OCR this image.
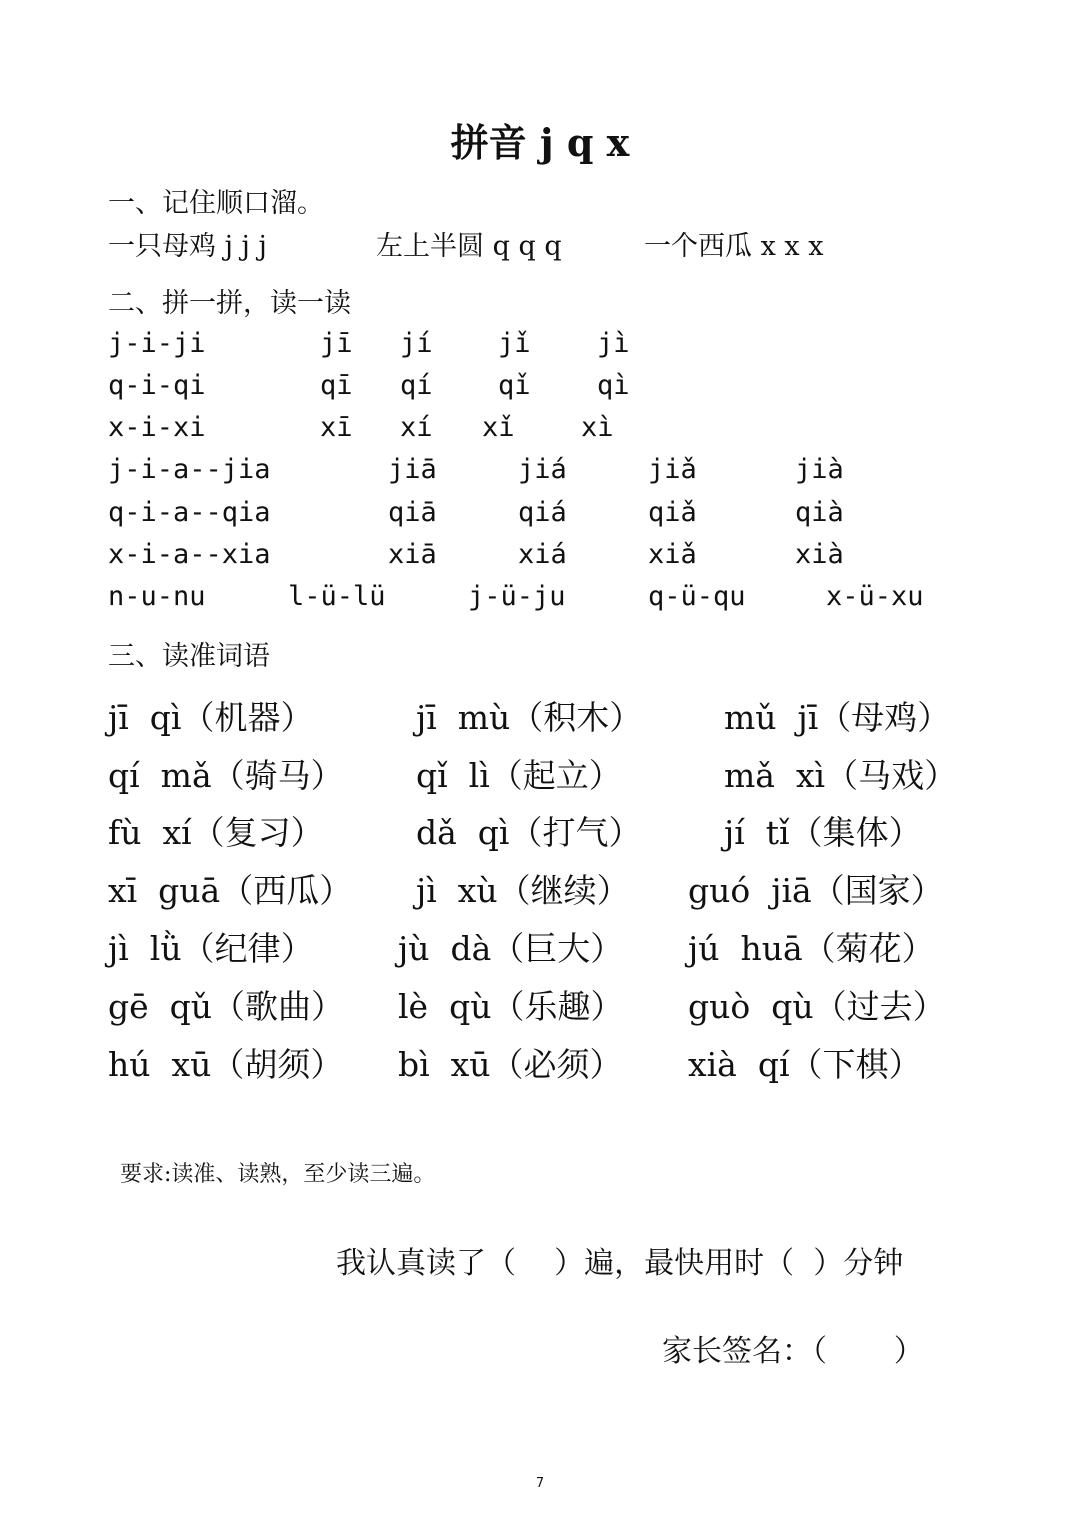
拼音 j q x
一、记住顺口溜。
一只母鸡 j j j	左上半圆 q q q	一个西瓜 x x x
二、拼一拼，读一读
j-i-ji	jī jí jǐ jì
q-i-qi	qī qí qǐ qì
x-i-xi	xī xí xǐ xì
j-i-a--jia	jiā	jiá	jiǎ	jià
q-i-a--qia	qiā	qiá	qiǎ	qià
x-i-a--xia	xiā	xiá	xiǎ	xià
n-u-nu	l-ü-lü	j-ü-ju	q-ü-qu	x-ü-xu
三、读准词语
jī  qì（机器）	jī  mù（积木） mǔ  jī（母鸡）
qí  mǎ（骑马） qǐ  lì（起立）	mǎ  xì（马戏）
fù  xí（复习）	dǎ  qì（打气）	jí  tǐ（集体）
xī  guā（西瓜） jì  xù（继续） guó  jiā（国家）
jì  lǜ（纪律）	jù  dà（巨大） jú  huā（菊花）
gē  qǔ（歌曲） lè  qù（乐趣） guò  qù（过去）
hú  xū（胡须） bì  xū（必须） xià  qí（下棋）
要求:读准、读熟，至少读三遍。
我认真读了（    ）遍，最快用时（  ）分钟
家长签名：（       ）
7
